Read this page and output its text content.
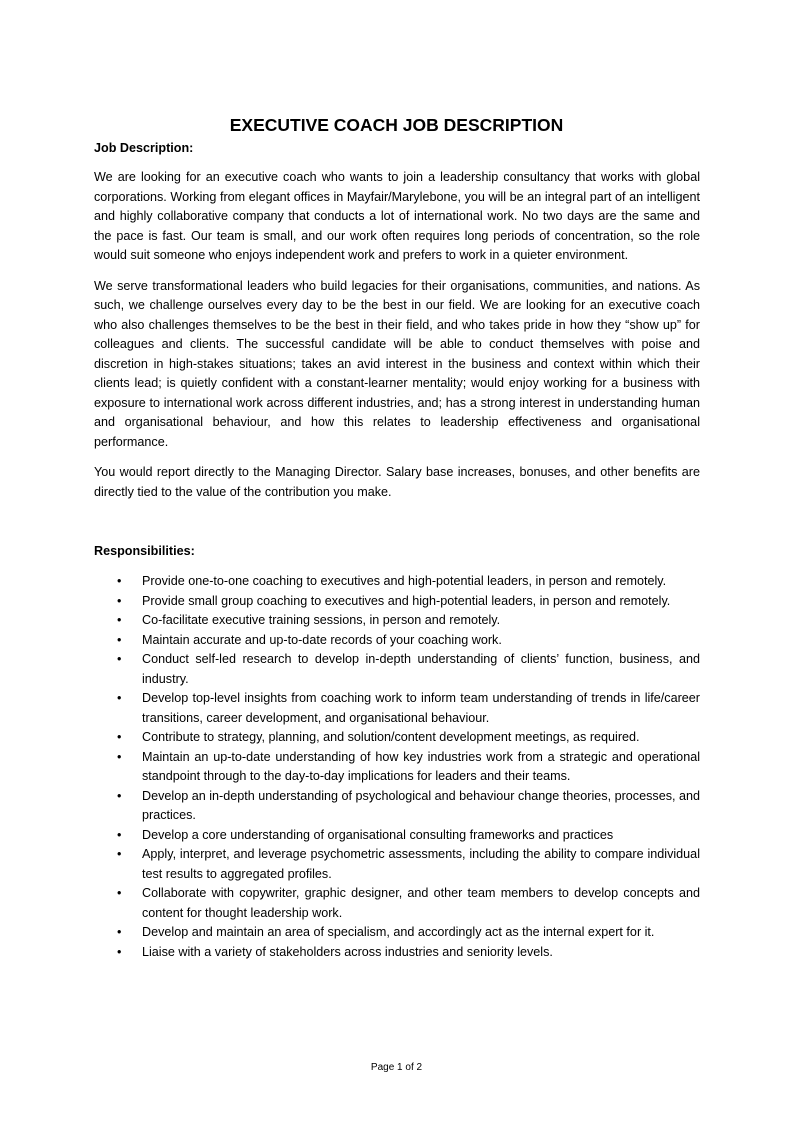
EXECUTIVE COACH JOB DESCRIPTION

Job Description:

We are looking for an executive coach who wants to join a leadership consultancy that works with global corporations. Working from elegant offices in Mayfair/Marylebone, you will be an integral part of an intelligent and highly collaborative company that conducts a lot of international work. No two days are the same and the pace is fast. Our team is small, and our work often requires long periods of concentration, so the role would suit someone who enjoys independent work and prefers to work in a quieter environment.

We serve transformational leaders who build legacies for their organisations, communities, and nations. As such, we challenge ourselves every day to be the best in our field. We are looking for an executive coach who also challenges themselves to be the best in their field, and who takes pride in how they “show up” for colleagues and clients. The successful candidate will be able to conduct themselves with poise and discretion in high-stakes situations; takes an avid interest in the business and context within which their clients lead; is quietly confident with a constant-learner mentality; would enjoy working for a business with exposure to international work across different industries, and; has a strong interest in understanding human and organisational behaviour, and how this relates to leadership effectiveness and organisational performance.

You would report directly to the Managing Director. Salary base increases, bonuses, and other benefits are directly tied to the value of the contribution you make.

Responsibilities:

• Provide one-to-one coaching to executives and high-potential leaders, in person and remotely.
• Provide small group coaching to executives and high-potential leaders, in person and remotely.
• Co-facilitate executive training sessions, in person and remotely.
• Maintain accurate and up-to-date records of your coaching work.
• Conduct self-led research to develop in-depth understanding of clients’ function, business, and industry.
• Develop top-level insights from coaching work to inform team understanding of trends in life/career transitions, career development, and organisational behaviour.
• Contribute to strategy, planning, and solution/content development meetings, as required.
• Maintain an up-to-date understanding of how key industries work from a strategic and operational standpoint through to the day-to-day implications for leaders and their teams.
• Develop an in-depth understanding of psychological and behaviour change theories, processes, and practices.
• Develop a core understanding of organisational consulting frameworks and practices
• Apply, interpret, and leverage psychometric assessments, including the ability to compare individual test results to aggregated profiles.
• Collaborate with copywriter, graphic designer, and other team members to develop concepts and content for thought leadership work.
• Develop and maintain an area of specialism, and accordingly act as the internal expert for it.
• Liaise with a variety of stakeholders across industries and seniority levels.
Page 1 of 2
